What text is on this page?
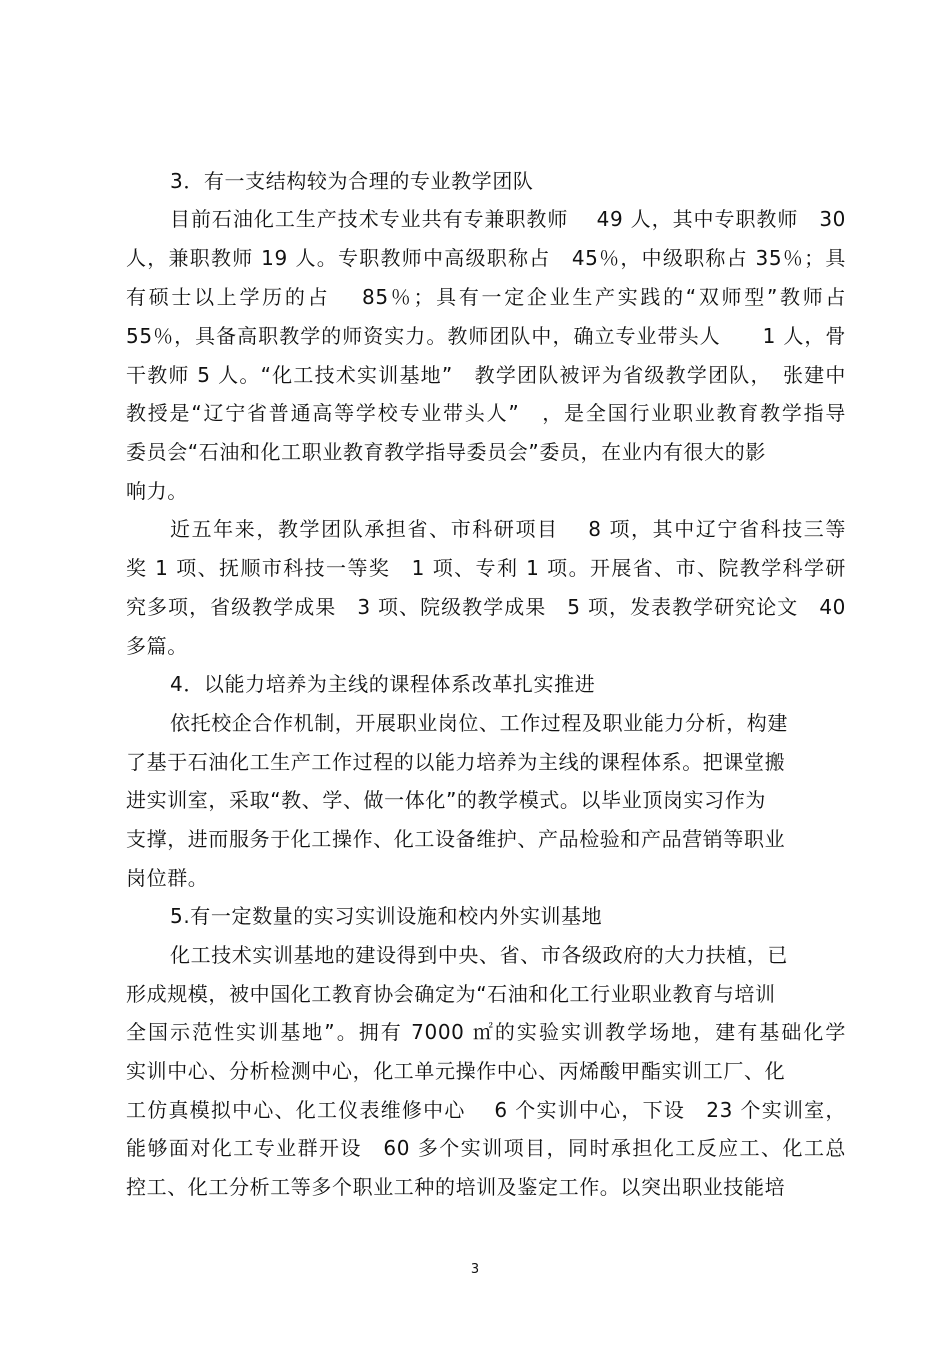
3．有一支结构较为合理的专业教学团队
目前石油化工生产技术专业共有专兼职教师　 49 人，其中专职教师　30
人，兼职教师 19 人。专职教师中高级职称占　45％，中级职称占 35％；具
有硕士以上学历的占　 85％；具有一定企业生产实践的“双师型”教师占
55％，具备高职教学的师资实力。教师团队中，确立专业带头人　　1 人，骨
干教师 5 人。“化工技术实训基地”　教学团队被评为省级教学团队，　张建中
教授是“辽宁省普通高等学校专业带头人”　，是全国行业职业教育教学指导
委员会“石油和化工职业教育教学指导委员会”委员，在业内有很大的影
响力。
近五年来，教学团队承担省、市科研项目　 8 项，其中辽宁省科技三等
奖 1 项、抚顺市科技一等奖　1 项、专利 1 项。开展省、市、院教学科学研
究多项，省级教学成果　3 项、院级教学成果　5 项，发表教学研究论文　40
多篇。
4．以能力培养为主线的课程体系改革扎实推进
依托校企合作机制，开展职业岗位、工作过程及职业能力分析，构建
了基于石油化工生产工作过程的以能力培养为主线的课程体系。把课堂搬
进实训室，采取“教、学、做一体化”的教学模式。以毕业顶岗实习作为
支撑，进而服务于化工操作、化工设备维护、产品检验和产品营销等职业
岗位群。
5.有一定数量的实习实训设施和校内外实训基地
化工技术实训基地的建设得到中央、省、市各级政府的大力扶植，已
形成规模，被中国化工教育协会确定为“石油和化工行业职业教育与培训
全国示范性实训基地”。拥有 7000 ㎡的实验实训教学场地，建有基础化学
实训中心、分析检测中心，化工单元操作中心、丙烯酸甲酯实训工厂、化
工仿真模拟中心、化工仪表维修中心　 6 个实训中心，下设　23 个实训室，
能够面对化工专业群开设　60 多个实训项目，同时承担化工反应工、化工总
控工、化工分析工等多个职业工种的培训及鉴定工作。以突出职业技能培
3
